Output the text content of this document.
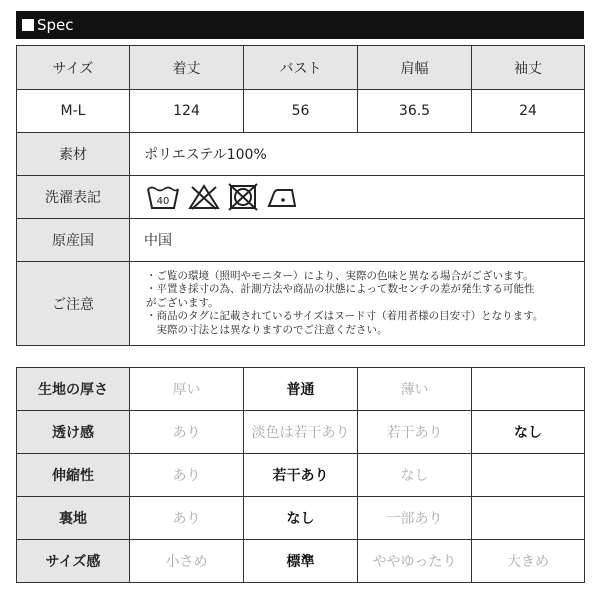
Spec
サイズ	着丈	バスト	肩幅	袖丈
M-L	124	56	36.5	24
素材	ポリエステル100%			
洗濯表記	40			

原産国	中国			
ご注意	・ご覧の環境（照明やモニター）により、実際の色味と異なる場合がございます。
・平置き採寸の為、計測方法や商品の状態によって数センチの差が発生する可能性
がございます。
・商品のタグに記載されているサイズはヌード寸（着用者様の目安寸）となります。
　実際の寸法とは異なりますのでご注意ください。			
生地の厚さ	厚い	普通	薄い	
透け感	あり	淡色は若干あり	若干あり	なし
伸縮性	あり	若干あり	なし	
裏地	あり	なし	一部あり	
サイズ感	小さめ	標準	ややゆったり	大きめ
